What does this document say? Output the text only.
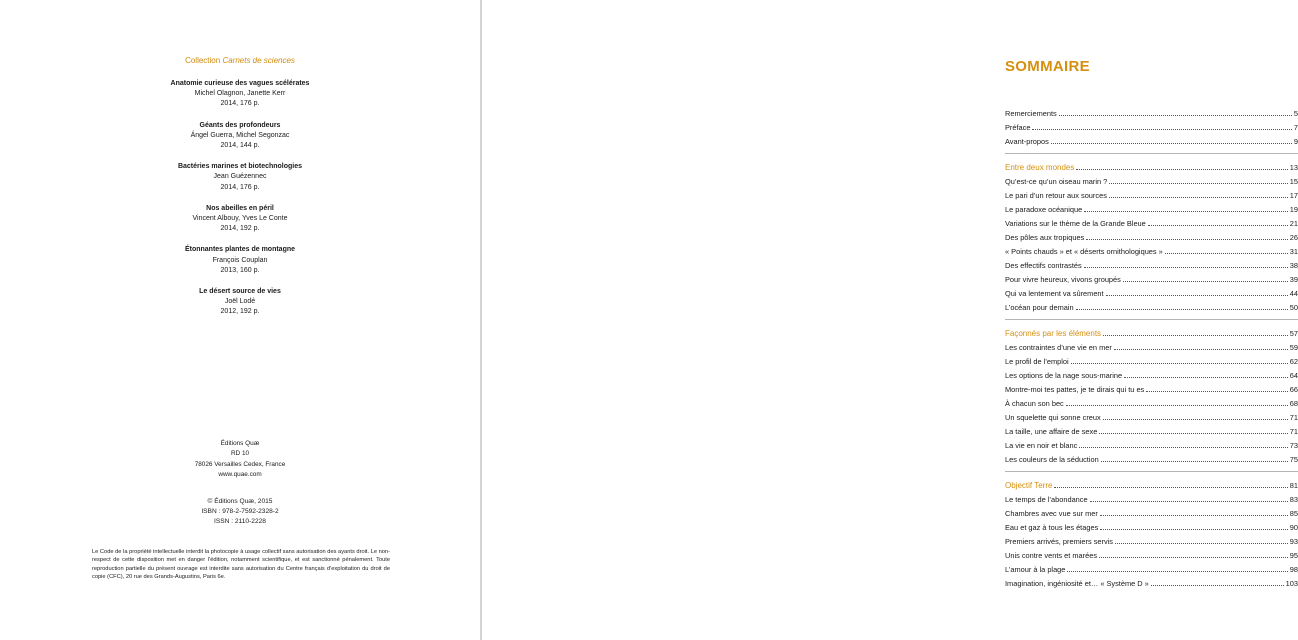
Collection Carnets de sciences
Anatomie curieuse des vagues scélérates
Michel Olagnon, Janette Kerr
2014, 176 p.
Géants des profondeurs
Ángel Guerra, Michel Segonzac
2014, 144 p.
Bactéries marines et biotechnologies
Jean Guézennec
2014, 176 p.
Nos abeilles en péril
Vincent Albouy, Yves Le Conte
2014, 192 p.
Étonnantes plantes de montagne
François Couplan
2013, 160 p.
Le désert source de vies
Joël Lodé
2012, 192 p.
Éditions Quæ
RD 10
78026 Versailles Cedex, France
www.quae.com
© Éditions Quæ, 2015
ISBN : 978-2-7592-2328-2
ISSN : 2110-2228
Le Code de la propriété intellectuelle interdit la photocopie à usage collectif sans autorisation des ayants droit. Le non-respect de cette disposition met en danger l’édition, notamment scientifique, et est sanctionné pénalement. Toute reproduction partielle du présent ouvrage est interdite sans autorisation du Centre français d’exploitation du droit de copie (CFC), 20 rue des Grands-Augustins, Paris 6e.
SOMMAIRE
Remerciements	5
Préface	7
Avant-propos	9
Entre deux mondes	13
Qu’est-ce qu’un oiseau marin ?	15
Le pari d’un retour aux sources	17
Le paradoxe océanique	19
Variations sur le thème de la Grande Bleue	21
Des pôles aux tropiques	26
« Points chauds » et « déserts ornithologiques »	31
Des effectifs contrastés	38
Pour vivre heureux, vivons groupés	39
Qui va lentement va sûrement	44
L’océan pour demain	50
Façonnés par les éléments	57
Les contraintes d’une vie en mer	59
Le profil de l’emploi	62
Les options de la nage sous-marine	64
Montre-moi tes pattes, je te dirais qui tu es	66
À chacun son bec	68
Un squelette qui sonne creux	71
La taille, une affaire de sexe	71
La vie en noir et blanc	73
Les couleurs de la séduction	75
Objectif Terre	81
Le temps de l’abondance	83
Chambres avec vue sur mer	85
Eau et gaz à tous les étages	90
Premiers arrivés, premiers servis	93
Unis contre vents et marées	95
L’amour à la plage	98
Imagination, ingéniosité et… « Système D »	103
